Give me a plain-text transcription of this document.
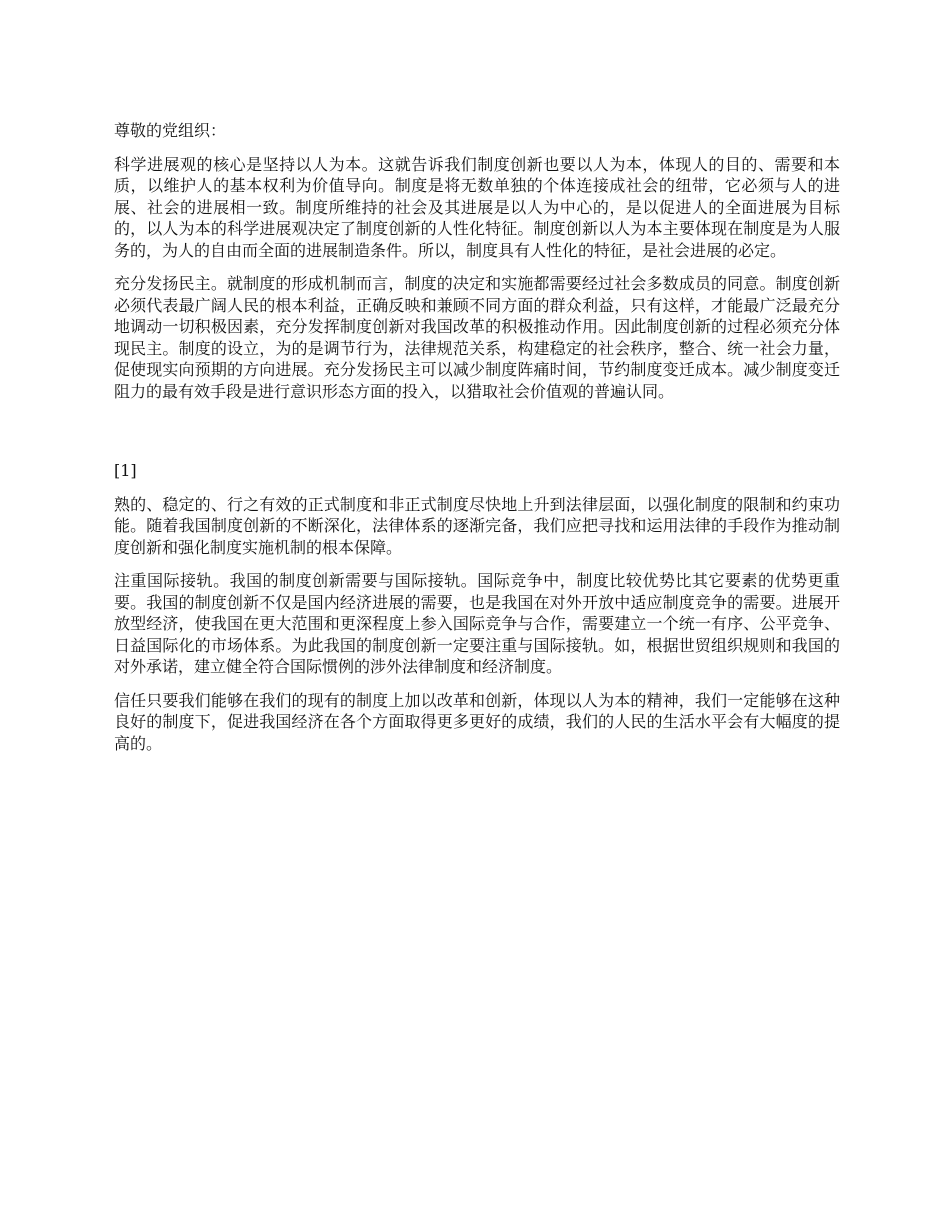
尊敬的党组织：

科学进展观的核心是坚持以人为本。这就告诉我们制度创新也要以人为本，体现人的目的、需要和本质，以维护人的基本权利为价值导向。制度是将无数单独的个体连接成社会的纽带，它必须与人的进展、社会的进展相一致。制度所维持的社会及其进展是以人为中心的，是以促进人的全面进展为目标的，以人为本的科学进展观决定了制度创新的人性化特征。制度创新以人为本主要体现在制度是为人服务的，为人的自由而全面的进展制造条件。所以，制度具有人性化的特征，是社会进展的必定。

充分发扬民主。就制度的形成机制而言，制度的决定和实施都需要经过社会多数成员的同意。制度创新必须代表最广阔人民的根本利益，正确反映和兼顾不同方面的群众利益，只有这样，才能最广泛最充分地调动一切积极因素，充分发挥制度创新对我国改革的积极推动作用。因此制度创新的过程必须充分体现民主。制度的设立，为的是调节行为，法律规范关系，构建稳定的社会秩序，整合、统一社会力量，促使现实向预期的方向进展。充分发扬民主可以减少制度阵痛时间，节约制度变迁成本。减少制度变迁阻力的最有效手段是进行意识形态方面的投入，以猎取社会价值观的普遍认同。

[1]

熟的、稳定的、行之有效的正式制度和非正式制度尽快地上升到法律层面，以强化制度的限制和约束功能。随着我国制度创新的不断深化，法律体系的逐渐完备，我们应把寻找和运用法律的手段作为推动制度创新和强化制度实施机制的根本保障。

注重国际接轨。我国的制度创新需要与国际接轨。国际竞争中，制度比较优势比其它要素的优势更重要。我国的制度创新不仅是国内经济进展的需要，也是我国在对外开放中适应制度竞争的需要。进展开放型经济，使我国在更大范围和更深程度上参入国际竞争与合作，需要建立一个统一有序、公平竞争、日益国际化的市场体系。为此我国的制度创新一定要注重与国际接轨。如，根据世贸组织规则和我国的对外承诺，建立健全符合国际惯例的涉外法律制度和经济制度。

信任只要我们能够在我们的现有的制度上加以改革和创新，体现以人为本的精神，我们一定能够在这种良好的制度下，促进我国经济在各个方面取得更多更好的成绩，我们的人民的生活水平会有大幅度的提高的。
